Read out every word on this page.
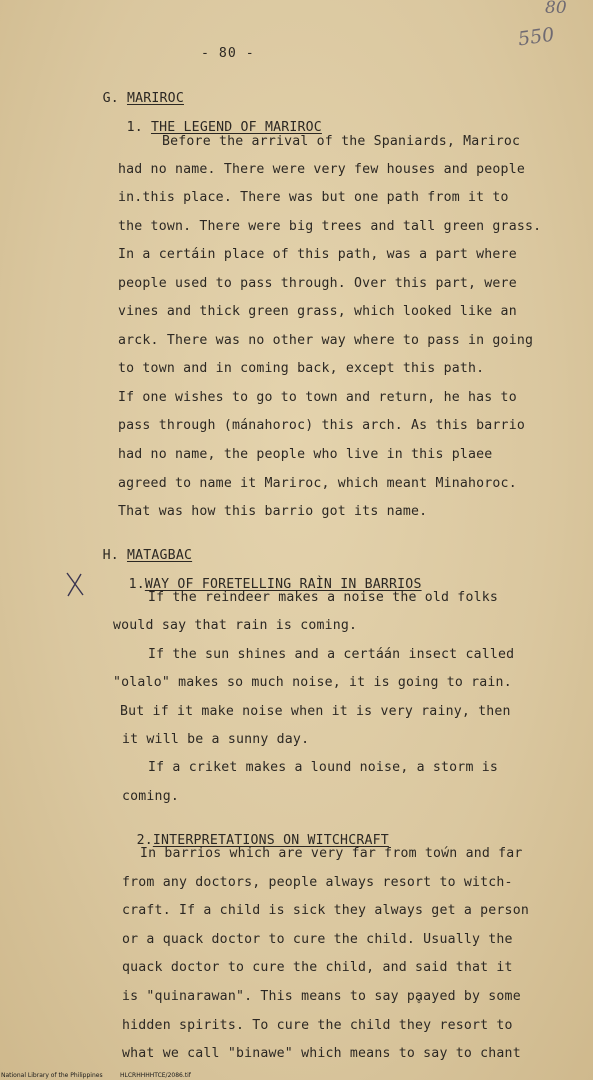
80
550
- 80 -

G. MARIROC

1. THE LEGEND OF MARIROC

Before the arrival of the Spaniards, Mariroc
had no name. There were very few houses and people
in.this place. There was but one path from it to
the town. There were big trees and tall green grass.
In a certáin place of this path, was a part where
people used to pass through. Over this part, were
vines and thick green grass, which looked like an
arck. There was no other way where to pass in going
to town and in coming back, except this path.
If one wishes to go to town and return, he has to
pass through (mánahoroc) this arch. As this barrio
had no name, the people who live in this plaee
agreed to name it Mariroc, which meant Minahoroc.
That was how this barrio got its name.

H. MATAGBAC

1.WAY OF FORETELLING RAÌN IN BARRIOS

If the reindeer makes a noise the old folks
would say that rain is coming.
If the sun shines and a certáán insect called
"olalo" makes so much noise, it is going to rain.
But if it make noise when it is very rainy, then
it will be a sunny day.
If a criket makes a lound noise, a storm is
coming.

2.INTERPRETATIONS ON WITCHCRAFT

In barrios which are very far from toẃn and far
from any doctors, people always resort to witch-
craft. If a child is sick they always get a person
or a quack doctor to cure the child. Usually the
quack doctor to cure the child, and said that it
is "quinarawan". This means to say pḁayed by some
hidden spirits. To cure the child they resort to
what we call "binawe" which means to say to chant
National Library of the Philippines	HLCRHHHHTCE/2086.tif
